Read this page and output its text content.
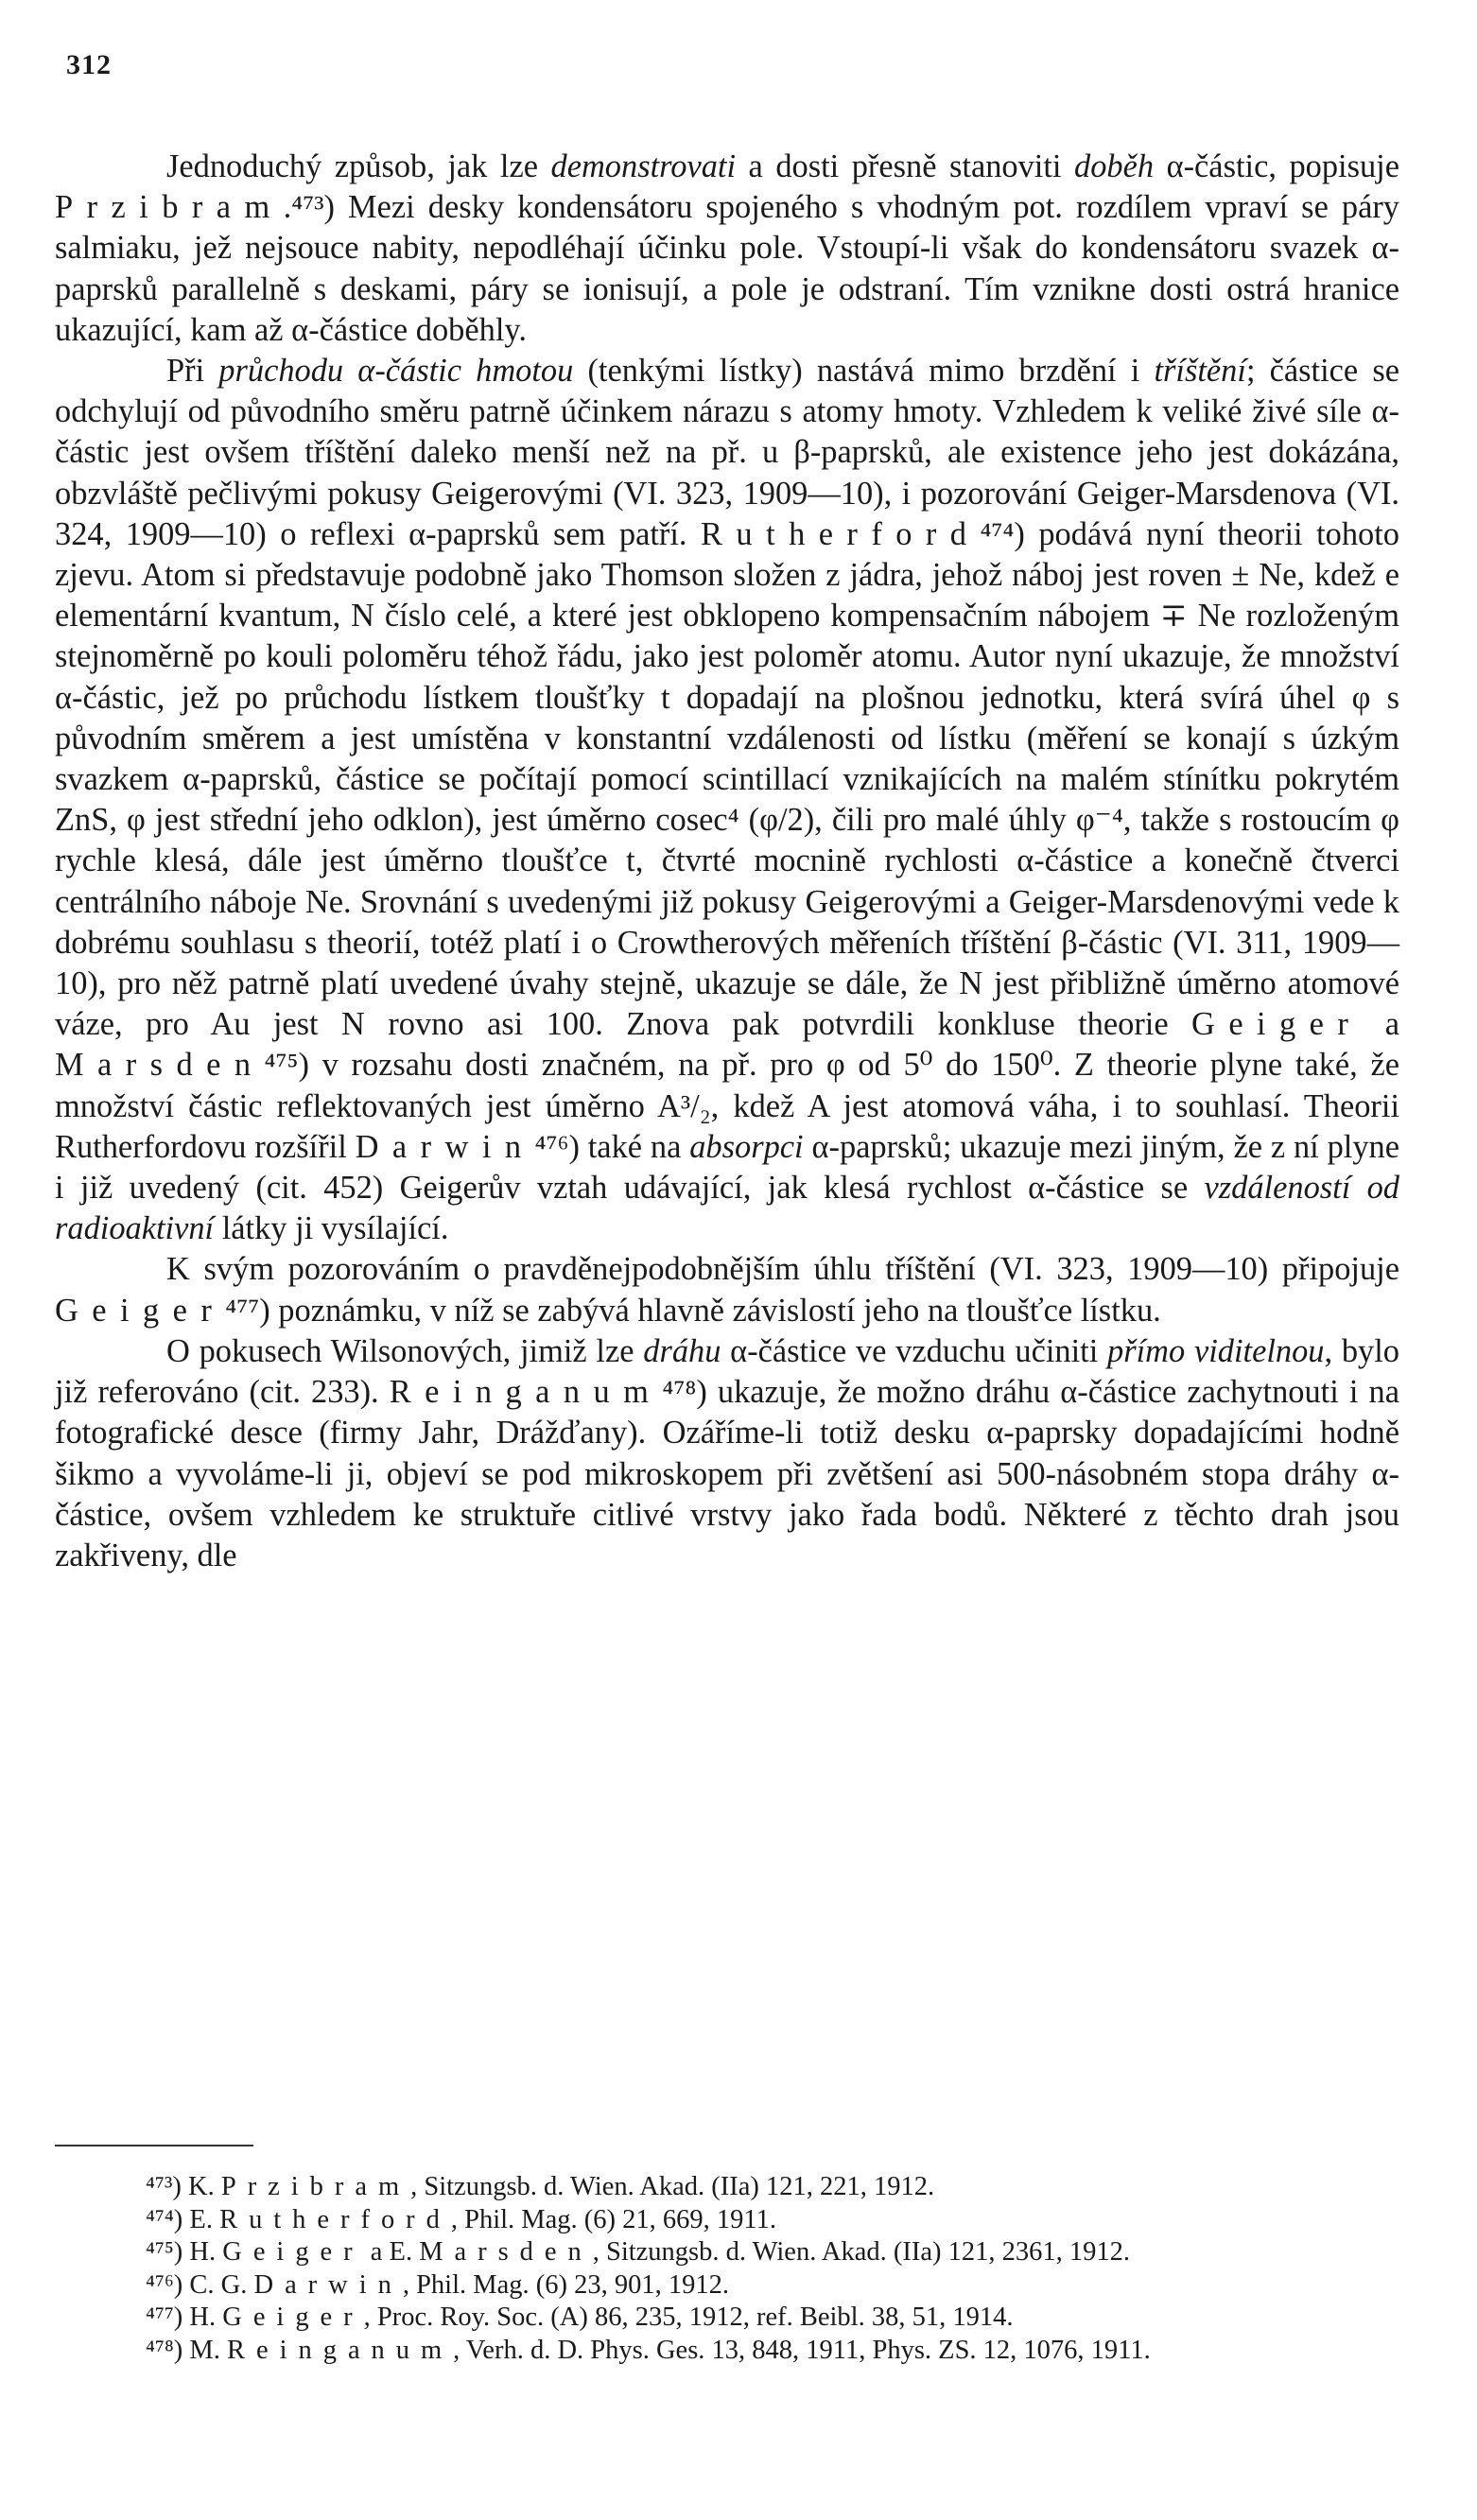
312

Jednoduchý způsob, jak lze demonstrovati a dosti přesně stanoviti doběh α-částic, popisuje Przibram.⁴⁷³) Mezi desky kondensátoru spojeného s vhodným pot. rozdílem vpraví se páry salmiaku, jež nejsouce nabity, nepodléhají účinku pole. Vstoupí-li však do kondensátoru svazek α-paprsků parallelně s deskami, páry se ionisují, a pole je odstraní. Tím vznikne dosti ostrá hranice ukazující, kam až α-částice doběhly.

Při průchodu α-částic hmotou (tenkými lístky) nastává mimo brzdění i tříštění; částice se odchylují od původního směru patrně účinkem nárazu s atomy hmoty. Vzhledem k veliké živé síle α-částic jest ovšem tříštění daleko menší než na př. u β-paprsků, ale existence jeho jest dokázána, obzvláště pečlivými pokusy Geigerovými (VI. 323, 1909—10), i pozorování Geiger-Marsdenova (VI. 324, 1909—10) o reflexi α-paprsků sem patří. Rutherford⁴⁷⁴) podává nyní theorii tohoto zjevu. Atom si představuje podobně jako Thomson složen z jádra, jehož náboj jest roven ± Ne, kdež e elementární kvantum, N číslo celé, a které jest obklopeno kompensačním nábojem ∓ Ne rozloženým stejnoměrně po kouli poloměru téhož řádu, jako jest poloměr atomu. Autor nyní ukazuje, že množství α-částic, jež po průchodu lístkem tloušťky t dopadají na plošnou jednotku, která svírá úhel φ s původním směrem a jest umístěna v konstantní vzdálenosti od lístku (měření se konají s úzkým svazkem α-paprsků, částice se počítají pomocí scintillací vznikajících na malém stínítku pokrytém ZnS, φ jest střední jeho odklon), jest úměrno cosec⁴ (φ/2), čili pro malé úhly φ⁻⁴, takže s rostoucím φ rychle klesá, dále jest úměrno tloušťce t, čtvrté mocnině rychlosti α-částice a konečně čtverci centrálního náboje Ne. Srovnání s uvedenými již pokusy Geigerovými a Geiger-Marsdenovými vede k dobrému souhlasu s theorií, totéž platí i o Crowtherových měřeních tříštění β-částic (VI. 311, 1909—10), pro něž patrně platí uvedené úvahy stejně, ukazuje se dále, že N jest přibližně úměrno atomové váze, pro Au jest N rovno asi 100. Znova pak potvrdili konkluse theorie Geiger a Marsden⁴⁷⁵) v rozsahu dosti značném, na př. pro φ od 5⁰ do 150⁰. Z theorie plyne také, že množství částic reflektovaných jest úměrno A³/₂, kdež A jest atomová váha, i to souhlasí. Theorii Rutherfordovu rozšířil Darwin⁴⁷⁶) také na absorpci α-paprsků; ukazuje mezi jiným, že z ní plyne i již uvedený (cit. 452) Geigerův vztah udávající, jak klesá rychlost α-částice se vzdáleností od radioaktivní látky ji vysílající.

K svým pozorováním o pravděnejpodobnějším úhlu tříštění (VI. 323, 1909—10) připojuje Geiger⁴⁷⁷) poznámku, v níž se zabývá hlavně závislostí jeho na tloušťce lístku.

O pokusech Wilsonových, jimiž lze dráhu α-částice ve vzduchu učiniti přímo viditelnou, bylo již referováno (cit. 233). Reinganum⁴⁷⁸) ukazuje, že možno dráhu α-částice zachytnouti i na fotografické desce (firmy Jahr, Drážďany). Ozáříme-li totiž desku α-paprsky dopadajícími hodně šikmo a vyvoláme-li ji, objeví se pod mikroskopem při zvětšení asi 500-násobném stopa dráhy α-částice, ovšem vzhledem ke struktuře citlivé vrstvy jako řada bodů. Některé z těchto drah jsou zakřiveny, dle

⁴⁷³) K. Przibram, Sitzungsb. d. Wien. Akad. (IIa) 121, 221, 1912.

⁴⁷⁴) E. Rutherford, Phil. Mag. (6) 21, 669, 1911.

⁴⁷⁵) H. Geiger a E. Marsden, Sitzungsb. d. Wien. Akad. (IIa) 121, 2361, 1912.

⁴⁷⁶) C. G. Darwin, Phil. Mag. (6) 23, 901, 1912.

⁴⁷⁷) H. Geiger, Proc. Roy. Soc. (A) 86, 235, 1912, ref. Beibl. 38, 51, 1914.

⁴⁷⁸) M. Reinganum, Verh. d. D. Phys. Ges. 13, 848, 1911, Phys. ZS. 12, 1076, 1911.
